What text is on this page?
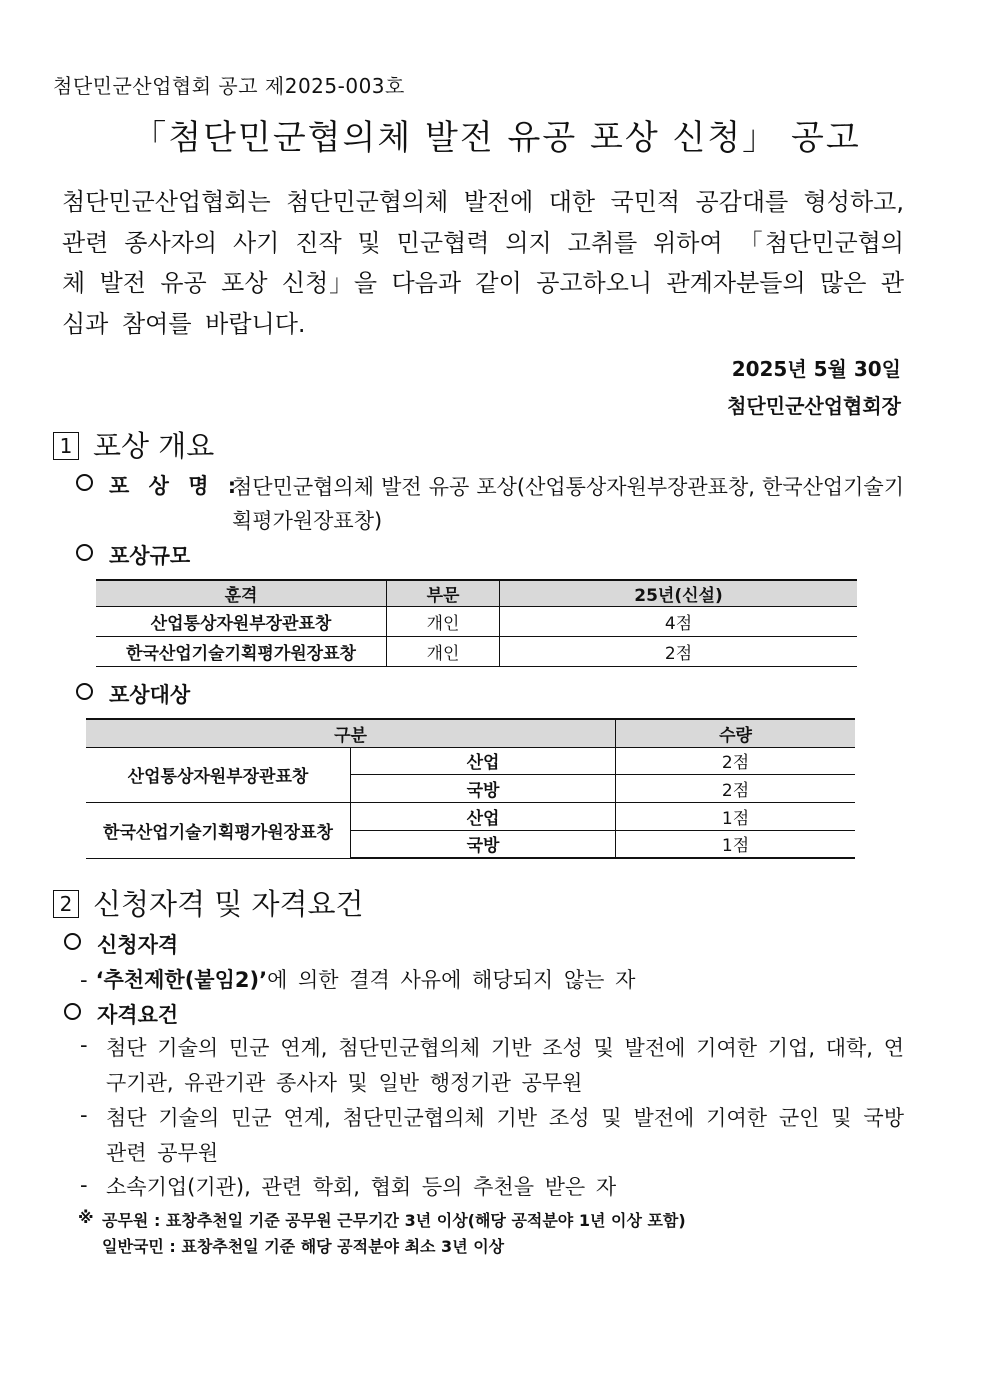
첨단민군산업협회 공고 제2025-003호
「첨단민군협의체 발전 유공 포상 신청」 공고
첨단민군산업협회는 첨단민군협의체 발전에 대한 국민적 공감대를 형성하고, 관련 종사자의 사기 진작 및 민군협력 의지 고취를 위하여 「첨단민군협의체 발전 유공 포상 신청」을 다음과 같이 공고하오니 관계자분들의 많은 관심과 참여를 바랍니다.
2025년 5월 30일
첨단민군산업협회장
1 포상 개요
포 상 명 :
첨단민군협의체 발전 유공 포상(산업통상자원부장관표창, 한국산업기술기획평가원장표창)
포상규모
훈격	부문	25년(신설)
산업통상자원부장관표창	개인	4점
한국산업기술기획평가원장표창	개인	2점
포상대상
구분		수량
산업통상자원부장관표창	산업	2점
	국방	2점
한국산업기술기획평가원장표창	산업	1점
	국방	1점
2 신청자격 및 자격요건
신청자격
- ‘추천제한(붙임2)’에 의한 결격 사유에 해당되지 않는 자
자격요건
- 첨단 기술의 민군 연계, 첨단민군협의체 기반 조성 및 발전에 기여한 기업, 대학, 연구기관, 유관기관 종사자 및 일반 행정기관 공무원
- 첨단 기술의 민군 연계, 첨단민군협의체 기반 조성 및 발전에 기여한 군인 및 국방 관련 공무원
- 소속기업(기관), 관련 학회, 협회 등의 추천을 받은 자
※ 공무원 : 표창추천일 기준 공무원 근무기간 3년 이상(해당 공적분야 1년 이상 포함)
일반국민 : 표창추천일 기준 해당 공적분야 최소 3년 이상
